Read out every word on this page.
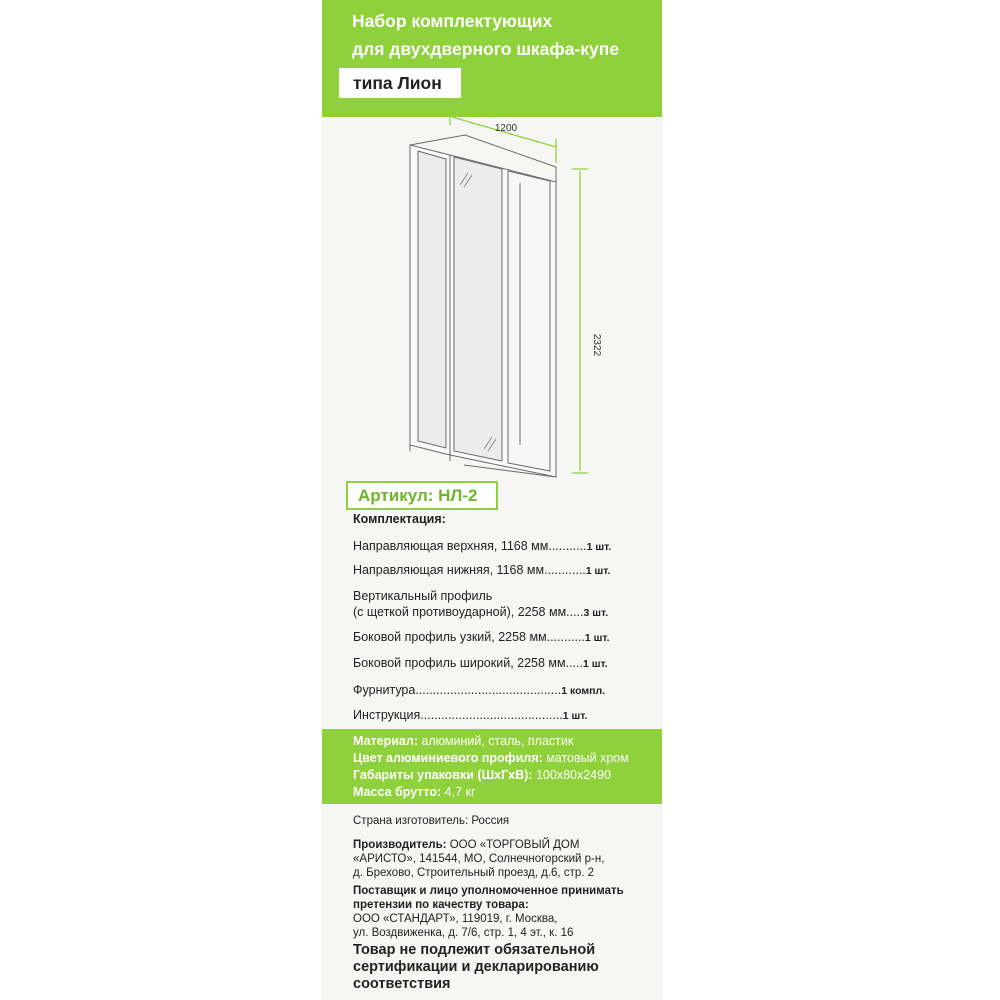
Набор комплектующих
для двухдверного шкафа-купе
типа Лион
1200
2322
Артикул: НЛ-2
Комплектация:
Направляющая верхняя, 1168 мм...........1 шт.
Направляющая нижняя, 1168 мм............1 шт.
Вертикальный профиль
(с щеткой противоударной), 2258 мм.....3 шт.
Боковой профиль узкий, 2258 мм...........1 шт.
Боковой профиль широкий, 2258 мм.....1 шт.
Фурнитура..........................................1 компл.
Инструкция.........................................1 шт.
Материал: алюминий, сталь, пластик
Цвет алюминиевого профиля: матовый хром
Габариты упаковки (ШхГхВ): 100х80х2490
Масса брутто: 4,7 кг
Страна изготовитель: Россия
Производитель: ООО «ТОРГОВЫЙ ДОМ
«АРИСТО», 141544, МО, Солнечногорский р-н,
д. Брехово, Строительный проезд, д.6, стр. 2
Поставщик и лицо уполномоченное принимать
претензии по качеству товара:
ООО «СТАНДАРТ», 119019, г. Москва,
ул. Воздвиженка, д. 7/6, стр. 1, 4 эт., к. 16
Товар не подлежит обязательной
сертификации и декларированию
соответствия
